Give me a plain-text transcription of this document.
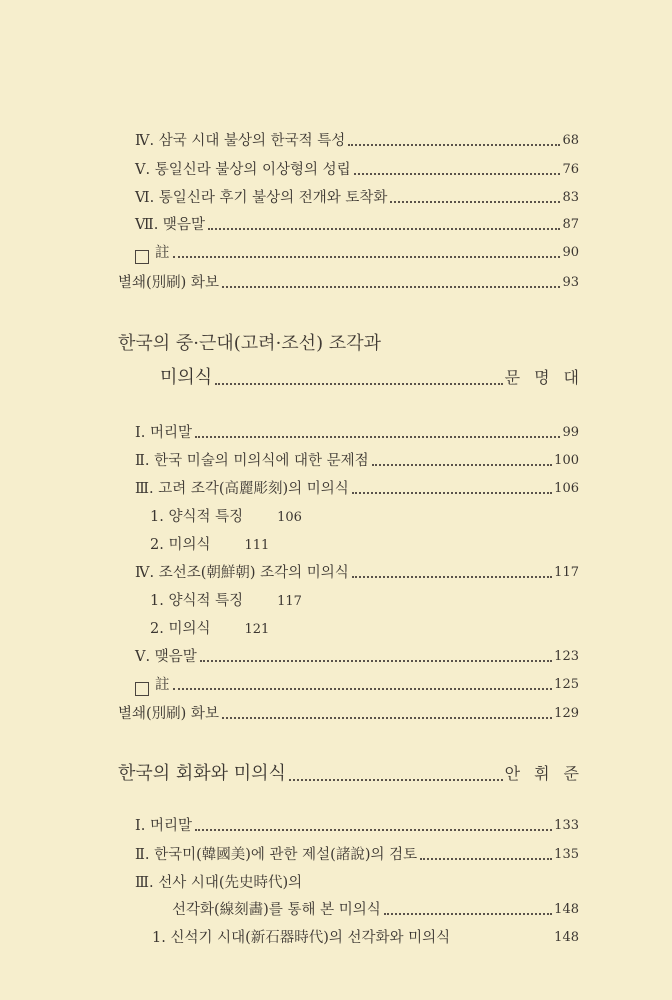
Ⅳ. 삼국 시대 불상의 한국적 특성	68
Ⅴ. 통일신라 불상의 이상형의 성립	76
Ⅵ. 통일신라 후기 불상의 전개와 토착화	83
Ⅶ. 맺음말	87
註	90
별쇄(別刷) 화보	93
한국의 중·근대(고려·조선) 조각과
미의식	문명대
Ⅰ. 머리말	99
Ⅱ. 한국 미술의 미의식에 대한 문제점	100
Ⅲ. 고려 조각(高麗彫刻)의 미의식	106
1. 양식적 특징	106
2. 미의식	111
Ⅳ. 조선조(朝鮮朝) 조각의 미의식	117
1. 양식적 특징	117
2. 미의식	121
Ⅴ. 맺음말	123
註	125
별쇄(別刷) 화보	129
한국의 회화와 미의식	안휘준
Ⅰ. 머리말	133
Ⅱ. 한국미(韓國美)에 관한 제설(諸說)의 검토	135
Ⅲ. 선사 시대(先史時代)의
선각화(線刻畵)를 통해 본 미의식	148
1. 신석기 시대(新石器時代)의 선각화와 미의식	148
